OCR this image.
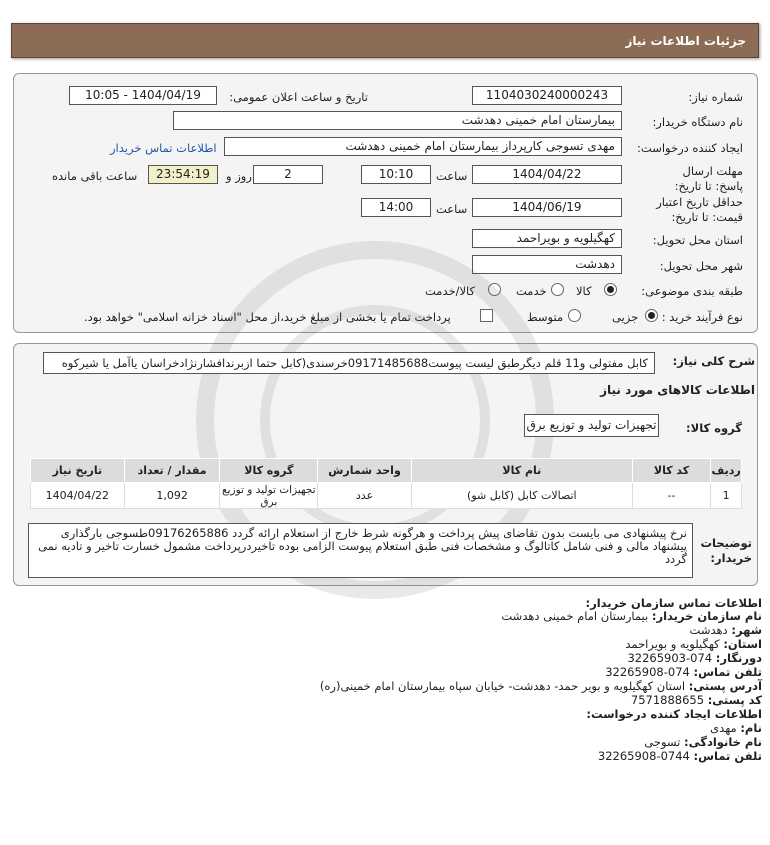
جزئیات اطلاعات نیاز
شماره نیاز:
1104030240000243
تاریخ و ساعت اعلان عمومی:
1404/04/19 - 10:05
نام دستگاه خریدار:
بیمارستان امام خمینی دهدشت
ایجاد کننده درخواست:
مهدی تسوجی کارپرداز بیمارستان امام خمینی دهدشت
اطلاعات تماس خریدار
مهلت ارسال پاسخ: تا تاریخ:
1404/04/22
ساعت
10:10
2
روز و
23:54:19
ساعت باقی مانده
حداقل تاریخ اعتبار قیمت: تا تاریخ:
1404/06/19
ساعت
14:00
استان محل تحویل:
کهگیلویه و بویراحمد
شهر محل تحویل:
دهدشت
طبقه بندی موضوعی:
کالا
خدمت
کالا/خدمت
نوع فرآیند خرید :
جزیی
متوسط
پرداخت تمام یا بخشی از مبلغ خرید،از محل "اسناد خزانه اسلامی" خواهد بود.
شرح کلی نیاز:
کابل مفتولی و11 قلم دیگرطبق لیست پیوست09171485688خرسندی(کابل حتما ازبرندافشارنژادخراسان یاآمل یا شیرکوه
اطلاعات کالاهای مورد نیاز
گروه کالا:
تجهیزات تولید و توزیع برق
ردیف	کد کالا	نام کالا	واحد شمارش	گروه کالا	مقدار / تعداد	تاریخ نیاز
1	--	اتصالات کابل (کابل شو)	عدد	تجهیزات تولید و توزیع برق	1,092	1404/04/22
توضیحات خریدار:
نرخ پیشنهادی می بایست بدون تقاضای پیش پرداخت و هرگونه شرط خارج از استعلام ارائه گردد 09176265886طسوجی بارگذاری پیشنهاد مالی و فنی شامل کاتالوگ و مشخصات فنی طبق استعلام پیوست الزامی بوده تاخیردرپرداخت مشمول خسارت تاخیر و تادیه نمی گردد
اطلاعات تماس سازمان خریدار:
نام سازمان خریدار: بیمارستان امام خمینی دهدشت
شهر: دهدشت
استان: کهگیلویه و بویراحمد
دورنگار: 074-32265903
تلفن تماس: 074-32265908
آدرس پستی: استان کهگیلویه و بویر حمد- دهدشت- خیابان سپاه بیمارستان امام خمینی(ره)
کد پستی: 7571888655
اطلاعات ایجاد کننده درخواست:
نام: مهدی
نام خانوادگی: تسوجی
تلفن تماس: 0744-32265908
